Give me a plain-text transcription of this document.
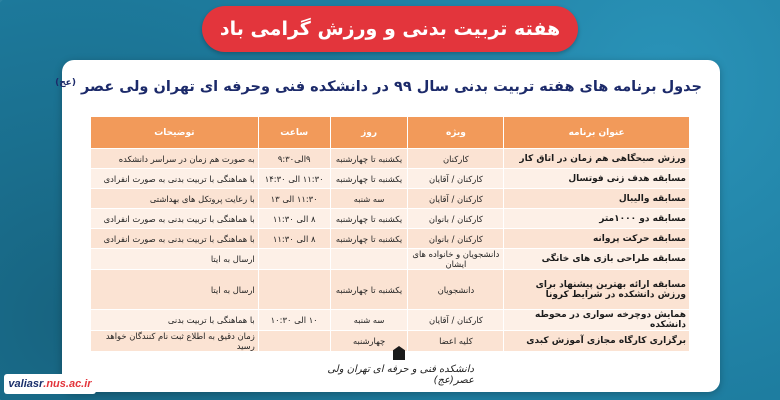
هفته تربیت بدنی و ورزش گرامی باد
جدول برنامه های هفته تربیت بدنی سال ۹۹ در دانشکده فنی وحرفه ای تهران ولی عصر $^{(عج)}$
عنوان برنامه	ویژه	روز	ساعت	توضیحات
ورزش صبحگاهی هم زمان در اتاق کار	کارکنان	یکشنبه تا چهارشنبه	۹الی۹:۳۰	به صورت هم زمان در سراسر دانشکده
مسابقه هدف زنی فوتسال	کارکنان / آقایان	یکشنبه تا چهارشنبه	۱۱:۳۰ الی ۱۴:۳۰	با هماهنگی با تربیت بدنی به صورت انفرادی
مسابقه والیبال	کارکنان / آقایان	سه شنبه	۱۱:۳۰ الی ۱۳	با رعایت پروتکل های بهداشتی
مسابقه دو ۱۰۰۰متر	کارکنان / بانوان	یکشنبه تا چهارشنبه	۸ الی ۱۱:۳۰	با هماهنگی با تربیت بدنی به صورت انفرادی
مسابقه حرکت پروانه	کارکنان / بانوان	یکشنبه تا چهارشنبه	۸ الی ۱۱:۳۰	با هماهنگی با تربیت بدنی به صورت انفرادی
مسابقه طراحی بازی های خانگی	دانشجویان و خانواده های ایشان			ارسال به ایتا
مسابقه ارائه بهترین پیشنهاد برای ورزش دانشکده در شرایط کرونا	دانشجویان	یکشنبه تا چهارشنبه		ارسال به ایتا
همایش دوچرخه سواری در محوطه دانشکده	کارکنان / آقایان	سه شنبه	۱۰ الی ۱۰:۳۰	با هماهنگی با تربیت بدنی
برگزاری کارگاه مجازی آموزش کبدی	کلیه اعضا	چهارشنبه		زمان دقیق به اطلاع ثبت نام کنندگان خواهد رسید
دانشکده فنی و حرفه ای تهران ولی عصر(عج)
valiasr .nus.ac.ir
